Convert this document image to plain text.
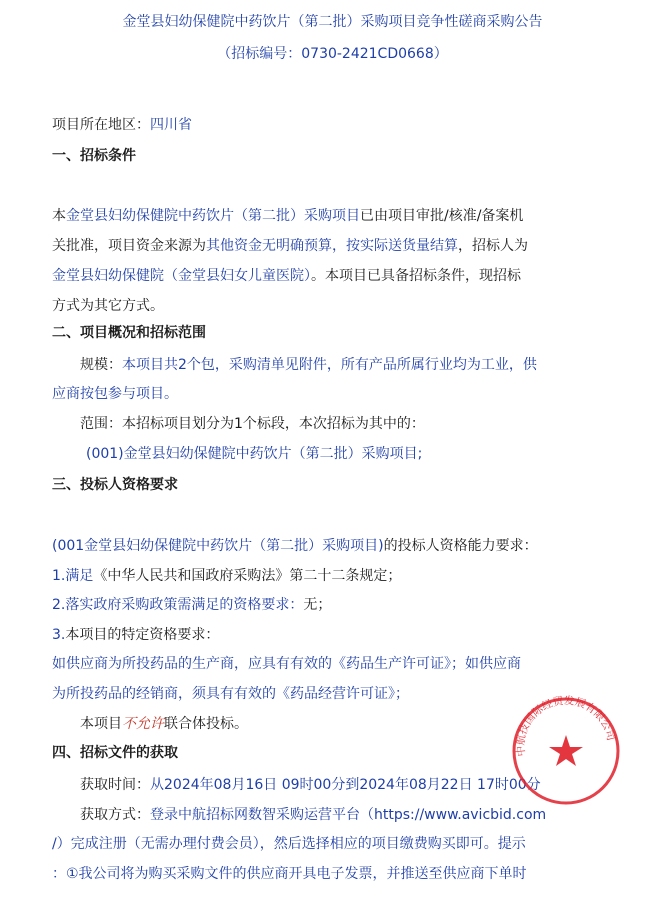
金堂县妇幼保健院中药饮片（第二批）采购项目竞争性磋商采购公告
（招标编号：0730-2421CD0668）
项目所在地区：四川省
一、招标条件
本金堂县妇幼保健院中药饮片（第二批）采购项目已由项目审批/核准/备案机
关批准，项目资金来源为其他资金无明确预算，按实际送货量结算，招标人为
金堂县妇幼保健院（金堂县妇女儿童医院）。本项目已具备招标条件，现招标
方式为其它方式。
二、项目概况和招标范围
规模：本项目共2个包，采购清单见附件，所有产品所属行业均为工业，供
应商按包参与项目。
范围：本招标项目划分为1个标段，本次招标为其中的：
(001)金堂县妇幼保健院中药饮片（第二批）采购项目;
三、投标人资格要求
(001金堂县妇幼保健院中药饮片（第二批）采购项目)的投标人资格能力要求：
1.满足《中华人民共和国政府采购法》第二十二条规定；
2.落实政府采购政策需满足的资格要求：无；
3.本项目的特定资格要求：
如供应商为所投药品的生产商，应具有有效的《药品生产许可证》；如供应商
为所投药品的经销商，须具有有效的《药品经营许可证》；
本项目不允许联合体投标。
四、招标文件的获取
获取时间：从2024年08月16日 09时00分到2024年08月22日 17时00分
获取方式：登录中航招标网数智采购运营平台（https://www.avicbid.com
/）完成注册（无需办理付费会员），然后选择相应的项目缴费购买即可。提示
：①我公司将为购买采购文件的供应商开具电子发票，并推送至供应商下单时
中航技国际经贸发展有限公司
